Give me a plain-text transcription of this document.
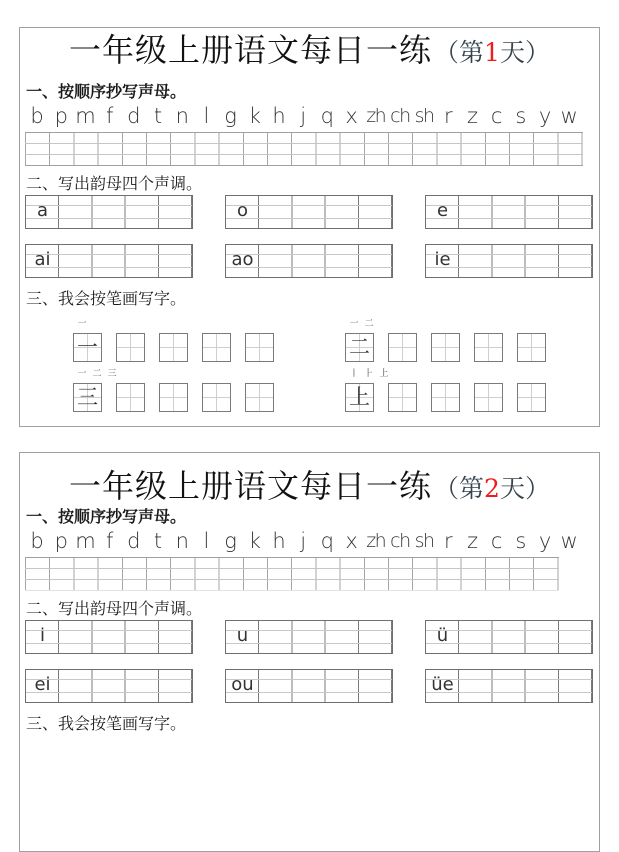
一年级上册语文每日一练（第1天）
一、按顺序抄写声母。
b p m f d t n l g k h j q x zh ch sh r z c s y w
二、写出韵母四个声调。
a	o	e
ai	ao	ie
三、我会按笔画写字。
一
一
一 二
二
一 二 三
三
丨 ⺊ 上
上
一年级上册语文每日一练（第2天）
一、按顺序抄写声母。
b p m f d t n l g k h j q x zh ch sh r z c s y w
二、写出韵母四个声调。
i	u	ü
ei	ou	üe
三、我会按笔画写字。
